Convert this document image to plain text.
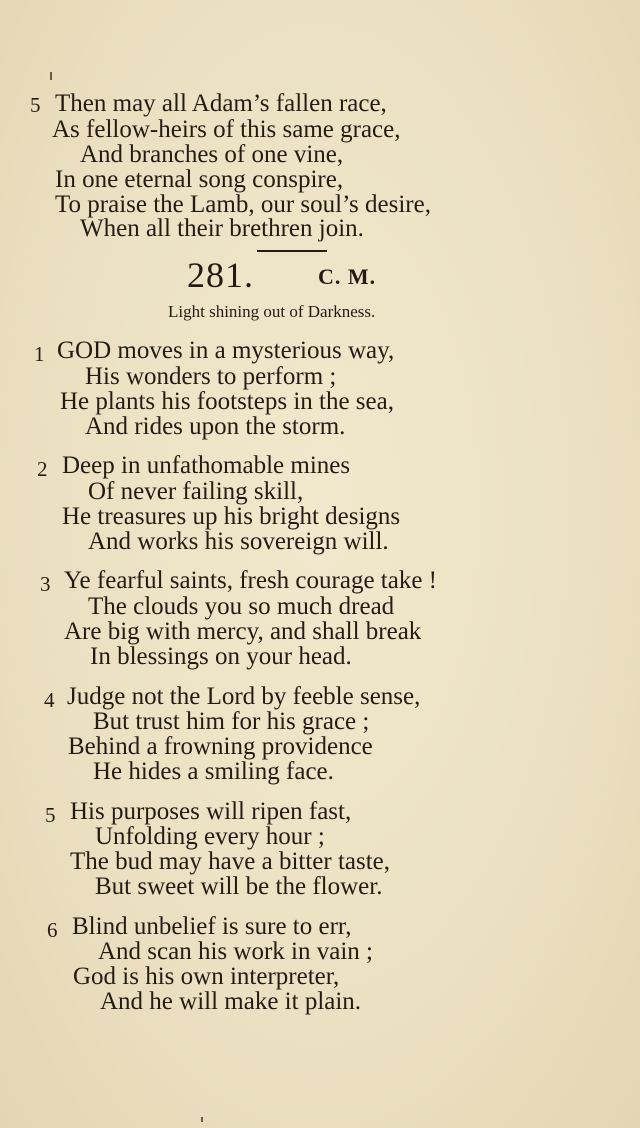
5 Then may all Adam’s fallen race,
As fellow-heirs of this same grace,
And branches of one vine,
In one eternal song conspire,
To praise the Lamb, our soul’s desire,
When all their brethren join.
281.	C. M.
Light shining out of Darkness.
1 GOD moves in a mysterious way,
His wonders to perform ;
He plants his footsteps in the sea,
And rides upon the storm.
2 Deep in unfathomable mines
Of never failing skill,
He treasures up his bright designs
And works his sovereign will.
3 Ye fearful saints, fresh courage take !
The clouds you so much dread
Are big with mercy, and shall break
In blessings on your head.
4 Judge not the Lord by feeble sense,
But trust him for his grace ;
Behind a frowning providence
He hides a smiling face.
5 His purposes will ripen fast,
Unfolding every hour ;
The bud may have a bitter taste,
But sweet will be the flower.
6 Blind unbelief is sure to err,
And scan his work in vain ;
God is his own interpreter,
And he will make it plain.
